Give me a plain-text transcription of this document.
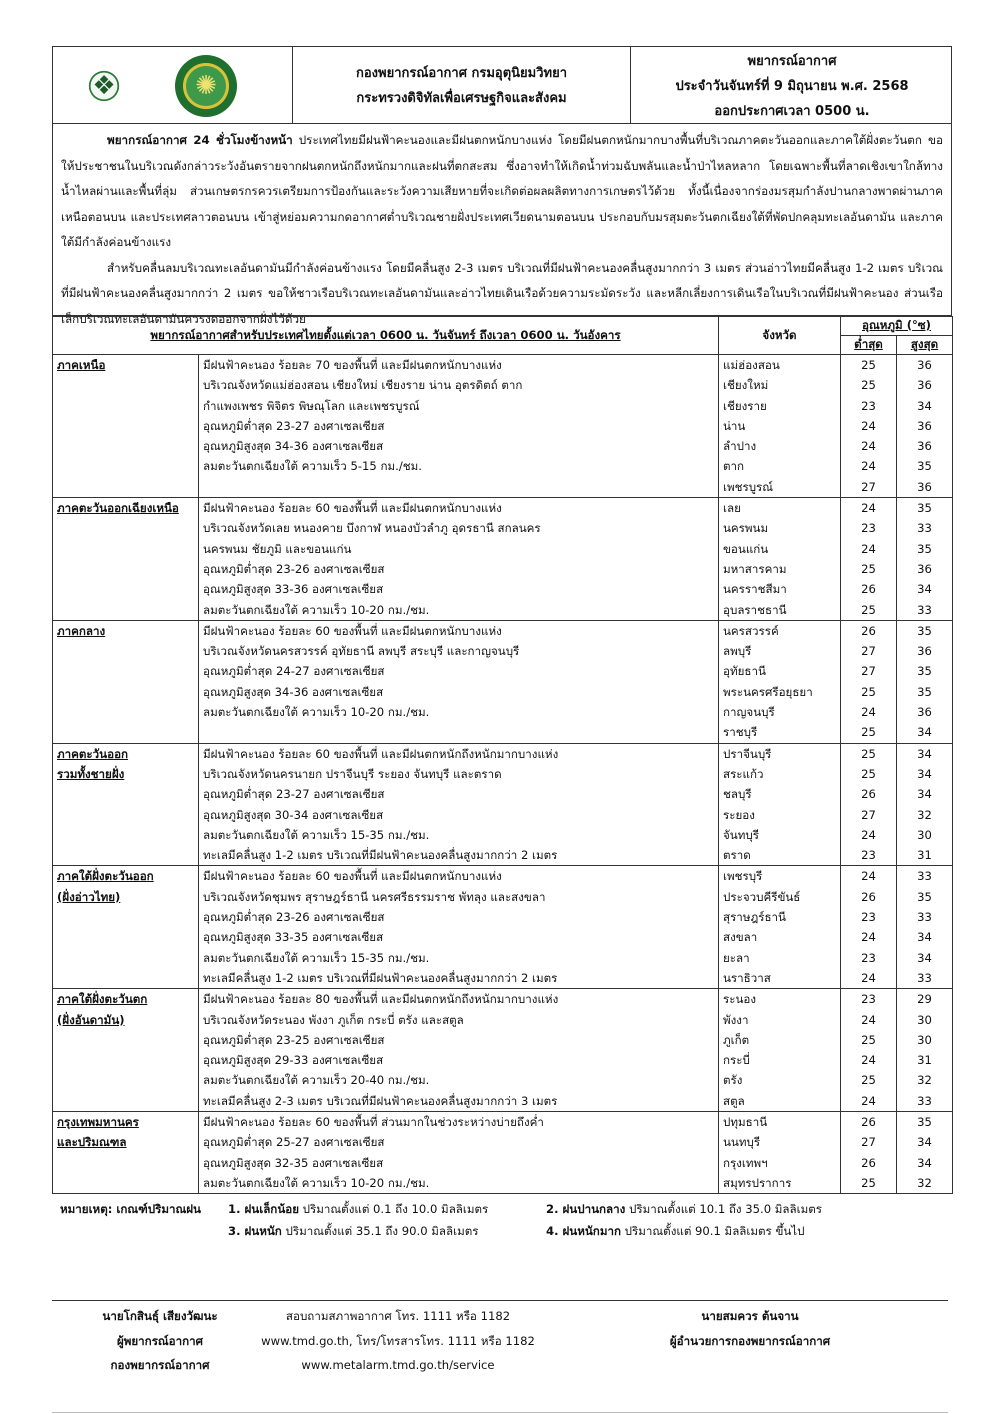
❖	✺	กองพยากรณ์อากาศ กรมอุตุนิยมวิทยา
กระทรวงดิจิทัลเพื่อเศรษฐกิจและสังคม
พยากรณ์อากาศ
ประจำวันจันทร์ที่ 9 มิถุนายน พ.ศ. 2568
ออกประกาศเวลา 0500 น.

พยากรณ์อากาศ 24 ชั่วโมงข้างหน้า ประเทศไทยมีฝนฟ้าคะนองและมีฝนตกหนักบางแห่ง โดยมีฝนตกหนักมากบางพื้นที่บริเวณภาคตะวันออกและภาคใต้ฝั่งตะวันตก ขอให้ประชาชนในบริเวณดังกล่าวระวังอันตรายจากฝนตกหนักถึงหนักมากและฝนที่ตกสะสม ซึ่งอาจทำให้เกิดน้ำท่วมฉับพลันและน้ำป่าไหลหลาก โดยเฉพาะพื้นที่ลาดเชิงเขาใกล้ทางน้ำไหลผ่านและพื้นที่ลุ่ม ส่วนเกษตรกรควรเตรียมการป้องกันและระวังความเสียหายที่จะเกิดต่อผลผลิตทางการเกษตรไว้ด้วย ทั้งนี้เนื่องจากร่องมรสุมกำลังปานกลางพาดผ่านภาคเหนือตอนบน และประเทศลาวตอนบน เข้าสู่หย่อมความกดอากาศต่ำบริเวณชายฝั่งประเทศเวียดนามตอนบน ประกอบกับมรสุมตะวันตกเฉียงใต้ที่พัดปกคลุมทะเลอันดามัน และภาคใต้มีกำลังค่อนข้างแรง

สำหรับคลื่นลมบริเวณทะเลอันดามันมีกำลังค่อนข้างแรง โดยมีคลื่นสูง 2-3 เมตร บริเวณที่มีฝนฟ้าคะนองคลื่นสูงมากกว่า 3 เมตร ส่วนอ่าวไทยมีคลื่นสูง 1-2 เมตร บริเวณที่มีฝนฟ้าคะนองคลื่นสูงมากกว่า 2 เมตร ขอให้ชาวเรือบริเวณทะเลอันดามันและอ่าวไทยเดินเรือด้วยความระมัดระวัง และหลีกเลี่ยงการเดินเรือในบริเวณที่มีฝนฟ้าคะนอง ส่วนเรือเล็กบริเวณทะเลอันดามันควรงดออกจากฝั่งไว้ด้วย

พยากรณ์อากาศสำหรับประเทศไทยตั้งแต่เวลา 0600 น. วันจันทร์ ถึงเวลา 0600 น. วันอังคาร		จังหวัด	อุณหภูมิ (°ซ)	
			ต่ำสุด	สูงสุด
ภาคเหนือ	มีฝนฟ้าคะนอง ร้อยละ 70 ของพื้นที่ และมีฝนตกหนักบางแห่ง	แม่ฮ่องสอน	25	36
	บริเวณจังหวัดแม่ฮ่องสอน เชียงใหม่ เชียงราย น่าน อุตรดิตถ์ ตาก	เชียงใหม่	25	36
	กำแพงเพชร พิจิตร พิษณุโลก และเพชรบูรณ์	เชียงราย	23	34
	อุณหภูมิต่ำสุด 23-27 องศาเซลเซียส	น่าน	24	36
	อุณหภูมิสูงสุด 34-36 องศาเซลเซียส	ลำปาง	24	36
	ลมตะวันตกเฉียงใต้ ความเร็ว 5-15 กม./ชม.	ตาก	24	35
		เพชรบูรณ์	27	36
ภาคตะวันออกเฉียงเหนือ	มีฝนฟ้าคะนอง ร้อยละ 60 ของพื้นที่ และมีฝนตกหนักบางแห่ง	เลย	24	35
	บริเวณจังหวัดเลย หนองคาย บึงกาฬ หนองบัวลำภู อุดรธานี สกลนคร	นครพนม	23	33
	นครพนม ชัยภูมิ และขอนแก่น	ขอนแก่น	24	35
	อุณหภูมิต่ำสุด 23-26 องศาเซลเซียส	มหาสารคาม	25	36
	อุณหภูมิสูงสุด 33-36 องศาเซลเซียส	นครราชสีมา	26	34
	ลมตะวันตกเฉียงใต้ ความเร็ว 10-20 กม./ชม.	อุบลราชธานี	25	33
ภาคกลาง	มีฝนฟ้าคะนอง ร้อยละ 60 ของพื้นที่ และมีฝนตกหนักบางแห่ง	นครสวรรค์	26	35
	บริเวณจังหวัดนครสวรรค์ อุทัยธานี ลพบุรี สระบุรี และกาญจนบุรี	ลพบุรี	27	36
	อุณหภูมิต่ำสุด 24-27 องศาเซลเซียส	อุทัยธานี	27	35
	อุณหภูมิสูงสุด 34-36 องศาเซลเซียส	พระนครศรีอยุธยา	25	35
	ลมตะวันตกเฉียงใต้ ความเร็ว 10-20 กม./ชม.	กาญจนบุรี	24	36
		ราชบุรี	25	34
ภาคตะวันออก	มีฝนฟ้าคะนอง ร้อยละ 60 ของพื้นที่ และมีฝนตกหนักถึงหนักมากบางแห่ง	ปราจีนบุรี	25	34
รวมทั้งชายฝั่ง	บริเวณจังหวัดนครนายก ปราจีนบุรี ระยอง จันทบุรี และตราด	สระแก้ว	25	34
	อุณหภูมิต่ำสุด 23-27 องศาเซลเซียส	ชลบุรี	26	34
	อุณหภูมิสูงสุด 30-34 องศาเซลเซียส	ระยอง	27	32
	ลมตะวันตกเฉียงใต้ ความเร็ว 15-35 กม./ชม.	จันทบุรี	24	30
	ทะเลมีคลื่นสูง 1-2 เมตร บริเวณที่มีฝนฟ้าคะนองคลื่นสูงมากกว่า 2 เมตร	ตราด	23	31
ภาคใต้ฝั่งตะวันออก	มีฝนฟ้าคะนอง ร้อยละ 60 ของพื้นที่ และมีฝนตกหนักบางแห่ง	เพชรบุรี	24	33
(ฝั่งอ่าวไทย)	บริเวณจังหวัดชุมพร สุราษฎร์ธานี นครศรีธรรมราช พัทลุง และสงขลา	ประจวบคีรีขันธ์	26	35
	อุณหภูมิต่ำสุด 23-26 องศาเซลเซียส	สุราษฎร์ธานี	23	33
	อุณหภูมิสูงสุด 33-35 องศาเซลเซียส	สงขลา	24	34
	ลมตะวันตกเฉียงใต้ ความเร็ว 15-35 กม./ชม.	ยะลา	23	34
	ทะเลมีคลื่นสูง 1-2 เมตร บริเวณที่มีฝนฟ้าคะนองคลื่นสูงมากกว่า 2 เมตร	นราธิวาส	24	33
ภาคใต้ฝั่งตะวันตก	มีฝนฟ้าคะนอง ร้อยละ 80 ของพื้นที่ และมีฝนตกหนักถึงหนักมากบางแห่ง	ระนอง	23	29
(ฝั่งอันดามัน)	บริเวณจังหวัดระนอง พังงา ภูเก็ต กระบี่ ตรัง และสตูล	พังงา	24	30
	อุณหภูมิต่ำสุด 23-25 องศาเซลเซียส	ภูเก็ต	25	30
	อุณหภูมิสูงสุด 29-33 องศาเซลเซียส	กระบี่	24	31
	ลมตะวันตกเฉียงใต้ ความเร็ว 20-40 กม./ชม.	ตรัง	25	32
	ทะเลมีคลื่นสูง 2-3 เมตร บริเวณที่มีฝนฟ้าคะนองคลื่นสูงมากกว่า 3 เมตร	สตูล	24	33
กรุงเทพมหานคร	มีฝนฟ้าคะนอง ร้อยละ 60 ของพื้นที่ ส่วนมากในช่วงระหว่างบ่ายถึงค่ำ	ปทุมธานี	26	35
และปริมณฑล	อุณหภูมิต่ำสุด 25-27 องศาเซลเซียส	นนทบุรี	27	34
	อุณหภูมิสูงสุด 32-35 องศาเซลเซียส	กรุงเทพฯ	26	34
	ลมตะวันตกเฉียงใต้ ความเร็ว 10-20 กม./ชม.	สมุทรปราการ	25	32
หมายเหตุ: เกณฑ์ปริมาณฝน 1. ฝนเล็กน้อย ปริมาณตั้งแต่ 0.1 ถึง 10.0 มิลลิเมตร	2. ฝนปานกลาง ปริมาณตั้งแต่ 10.1 ถึง 35.0 มิลลิเมตร
3. ฝนหนัก ปริมาณตั้งแต่ 35.1 ถึง 90.0 มิลลิเมตร	4. ฝนหนักมาก ปริมาณตั้งแต่ 90.1 มิลลิเมตร ขึ้นไป
นายโกสินธุ์ เสียงวัฒนะ
ผู้พยากรณ์อากาศ
กองพยากรณ์อากาศ
สอบถามสภาพอากาศ โทร. 1111 หรือ 1182
www.tmd.go.th, โทร/โทรสารโทร. 1111 หรือ 1182
www.metalarm.tmd.go.th/service
นายสมควร ต้นจาน
ผู้อำนวยการกองพยากรณ์อากาศ
